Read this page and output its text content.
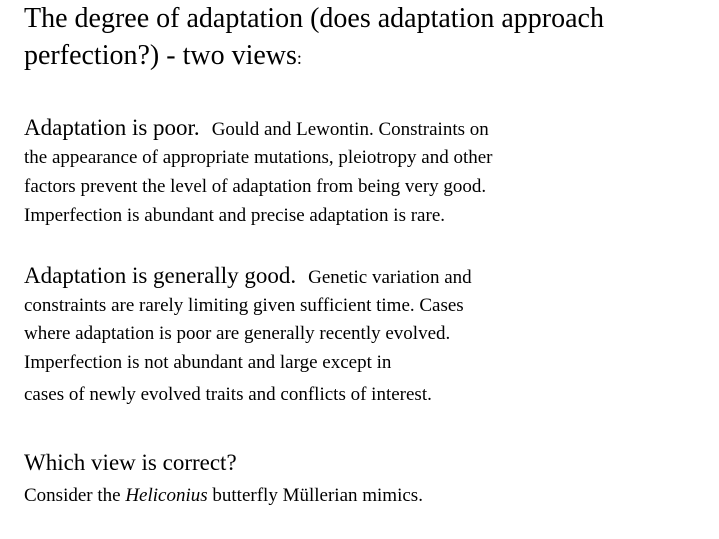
The degree of adaptation (does adaptation approach
perfection?) - two views:
Adaptation is poor. Gould and Lewontin. Constraints on
the appearance of appropriate mutations, pleiotropy and other
factors prevent the level of adaptation from being very good.
Imperfection is abundant and precise adaptation is rare.
Adaptation is generally good. Genetic variation and
constraints are rarely limiting given sufficient time. Cases
where adaptation is poor are generally recently evolved.
Imperfection is not abundant and large except in
cases of newly evolved traits and conflicts of interest.
Which view is correct?
Consider the Heliconius butterfly Müllerian mimics.
